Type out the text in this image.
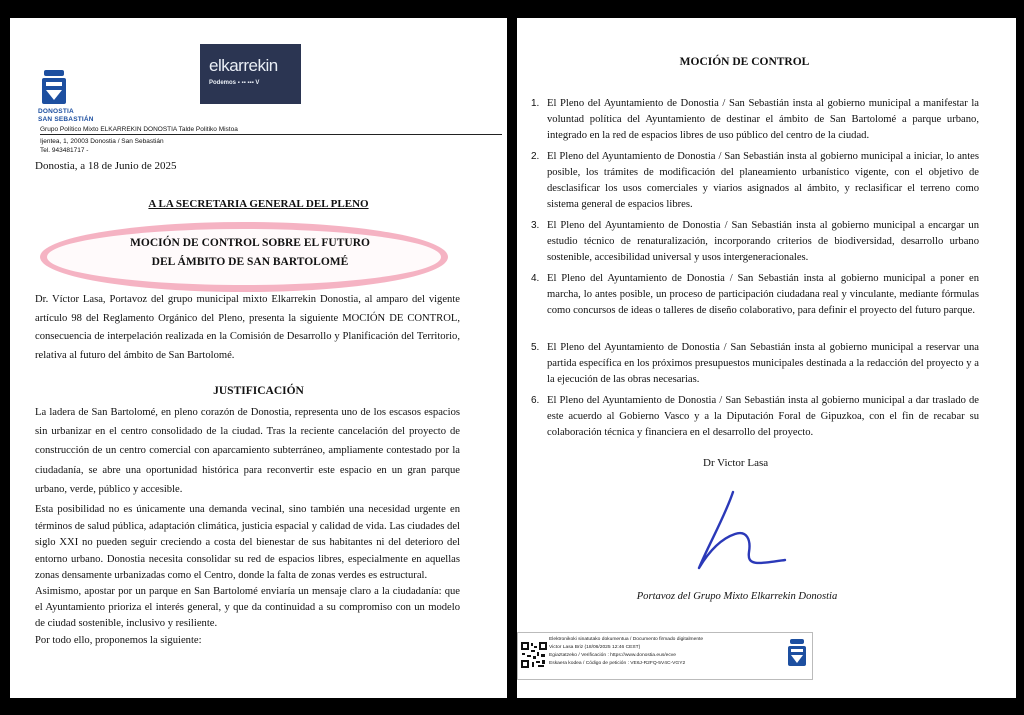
DONOSTIA
SAN SEBASTIÁN
elkarrekin
Podemos ▪ ▪▪ ▪▪▪ V
Grupo Político Mixto ELKARREKIN DONOSTIA Talde Politiko Mistoa
Ijentea, 1, 20003 Donostia / San Sebastián
Tel. 943481717 -
Donostia, a 18 de Junio de 2025
A LA SECRETARIA GENERAL DEL PLENO
MOCIÓN DE CONTROL SOBRE EL FUTURO
DEL ÁMBITO DE SAN BARTOLOMÉ
Dr. Víctor Lasa, Portavoz del grupo municipal mixto Elkarrekin Donostia, al amparo del vigente artículo 98 del Reglamento Orgánico del Pleno, presenta la siguiente MOCIÓN DE CONTROL, consecuencia de interpelación realizada en la Comisión de Desarrollo y Planificación del Territorio, relativa al futuro del ámbito de San Bartolomé.
JUSTIFICACIÓN
La ladera de San Bartolomé, en pleno corazón de Donostia, representa uno de los escasos espacios sin urbanizar en el centro consolidado de la ciudad. Tras la reciente cancelación del proyecto de construcción de un centro comercial con aparcamiento subterráneo, ampliamente contestado por la ciudadanía, se abre una oportunidad histórica para reconvertir este espacio en un gran parque urbano, verde, público y accesible.
Esta posibilidad no es únicamente una demanda vecinal, sino también una necesidad urgente en términos de salud pública, adaptación climática, justicia espacial y calidad de vida. Las ciudades del siglo XXI no pueden seguir creciendo a costa del bienestar de sus habitantes ni del deterioro del entorno urbano. Donostia necesita consolidar su red de espacios libres, especialmente en aquellas zonas densamente urbanizadas como el Centro, donde la falta de zonas verdes es estructural.
Asimismo, apostar por un parque en San Bartolomé enviaría un mensaje claro a la ciudadanía: que el Ayuntamiento prioriza el interés general, y que da continuidad a su compromiso con un modelo de ciudad sostenible, inclusivo y resiliente.
Por todo ello, proponemos la siguiente:
MOCIÓN DE CONTROL
1. El Pleno del Ayuntamiento de Donostia / San Sebastián insta al gobierno municipal a manifestar la voluntad política del Ayuntamiento de destinar el ámbito de San Bartolomé a parque urbano, integrado en la red de espacios libres de uso público del centro de la ciudad.
2. El Pleno del Ayuntamiento de Donostia / San Sebastián insta al gobierno municipal a iniciar, lo antes posible, los trámites de modificación del planeamiento urbanístico vigente, con el objetivo de desclasificar los usos comerciales y viarios asignados al ámbito, y reclasificar el terreno como sistema general de espacios libres.
3. El Pleno del Ayuntamiento de Donostia / San Sebastián insta al gobierno municipal a encargar un estudio técnico de renaturalización, incorporando criterios de biodiversidad, desarrollo urbano sostenible, accesibilidad universal y usos intergeneracionales.
4. El Pleno del Ayuntamiento de Donostia / San Sebastián insta al gobierno municipal a poner en marcha, lo antes posible, un proceso de participación ciudadana real y vinculante, mediante fórmulas como concursos de ideas o talleres de diseño colaborativo, para definir el proyecto del futuro parque.
5. El Pleno del Ayuntamiento de Donostia / San Sebastián insta al gobierno municipal a reservar una partida específica en los próximos presupuestos municipales destinada a la redacción del proyecto y a la ejecución de las obras necesarias.
6. El Pleno del Ayuntamiento de Donostia / San Sebastián insta al gobierno municipal a dar traslado de este acuerdo al Gobierno Vasco y a la Diputación Foral de Gipuzkoa, con el fin de recabar su colaboración técnica y financiera en el desarrollo del proyecto.
Dr Victor Lasa
Portavoz del Grupo Mixto Elkarrekin Donostia
Elektronikoki sinatutako dokumentua / Documento firmado digitalmente
Victor Lasa Briz (18/06/2025 12:46 CEST)
Egiaztatzeko / Verificación : https://www.donostia.eus/ecve
Eskaera kodea / Código de petición : VE6J-R2FQ-5V4C-VGY2
